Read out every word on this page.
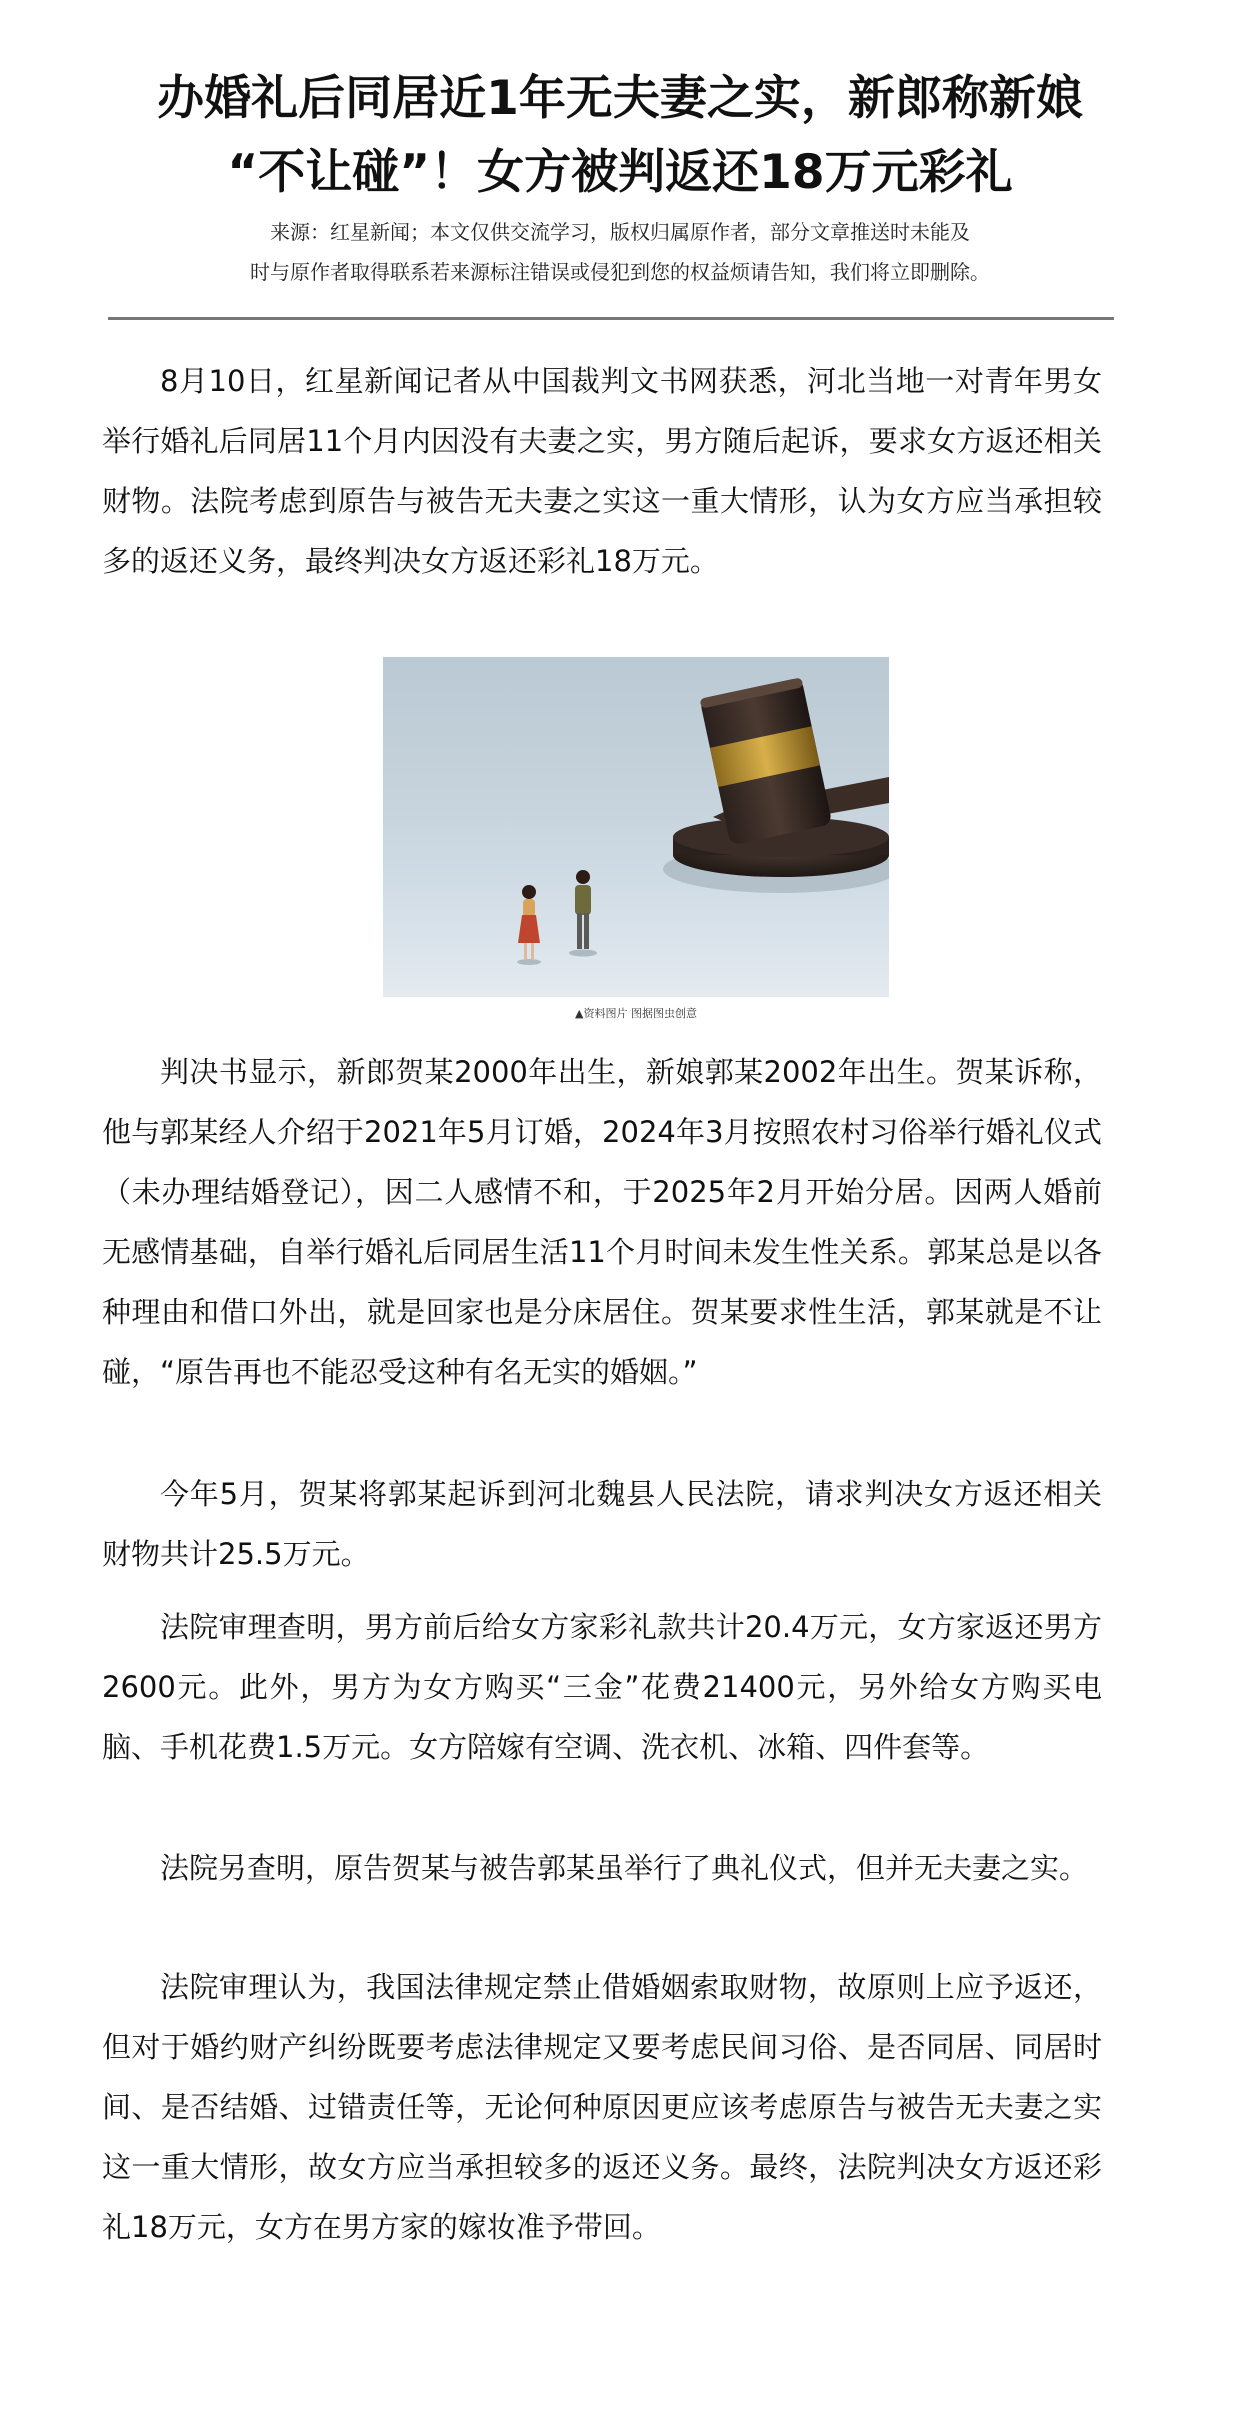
办婚礼后同居近1年无夫妻之实，新郎称新娘
“不让碰”！女方被判返还18万元彩礼
来源：红星新闻；本文仅供交流学习，版权归属原作者，部分文章推送时未能及
时与原作者取得联系若来源标注错误或侵犯到您的权益烦请告知，我们将立即删除。

8月10日，红星新闻记者从中国裁判文书网获悉，河北当地一对青年男女举行婚礼后同居11个月内因没有夫妻之实，男方随后起诉，要求女方返还相关财物。法院考虑到原告与被告无夫妻之实这一重大情形，认为女方应当承担较多的返还义务，最终判决女方返还彩礼18万元。

▲资料图片 图据图虫创意

判决书显示，新郎贺某2000年出生，新娘郭某2002年出生。贺某诉称，他与郭某经人介绍于2021年5月订婚，2024年3月按照农村习俗举行婚礼仪式（未办理结婚登记），因二人感情不和，于2025年2月开始分居。因两人婚前无感情基础，自举行婚礼后同居生活11个月时间未发生性关系。郭某总是以各种理由和借口外出，就是回家也是分床居住。贺某要求性生活，郭某就是不让碰，“原告再也不能忍受这种有名无实的婚姻。”

今年5月，贺某将郭某起诉到河北魏县人民法院，请求判决女方返还相关财物共计25.5万元。

法院审理查明，男方前后给女方家彩礼款共计20.4万元，女方家返还男方2600元。此外，男方为女方购买“三金”花费21400元，另外给女方购买电脑、手机花费1.5万元。女方陪嫁有空调、洗衣机、冰箱、四件套等。

法院另查明，原告贺某与被告郭某虽举行了典礼仪式，但并无夫妻之实。

法院审理认为，我国法律规定禁止借婚姻索取财物，故原则上应予返还，但对于婚约财产纠纷既要考虑法律规定又要考虑民间习俗、是否同居、同居时间、是否结婚、过错责任等，无论何种原因更应该考虑原告与被告无夫妻之实这一重大情形，故女方应当承担较多的返还义务。最终，法院判决女方返还彩礼18万元，女方在男方家的嫁妆准予带回。
